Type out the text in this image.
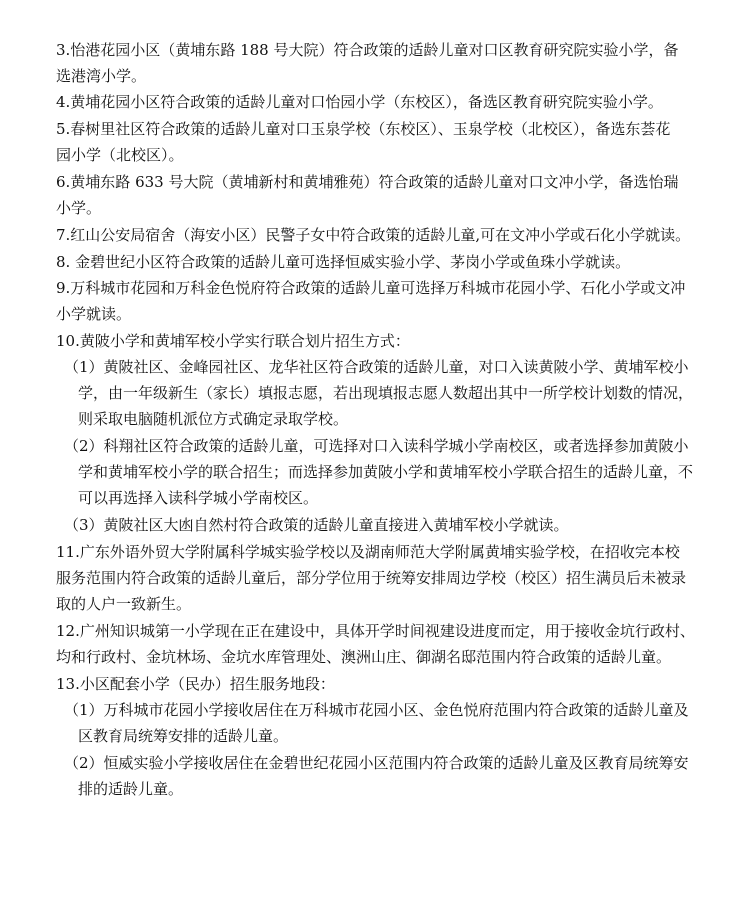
3.怡港花园小区（黄埔东路 188 号大院）符合政策的适龄儿童对口区教育研究院实验小学，备
选港湾小学。
4.黄埔花园小区符合政策的适龄儿童对口怡园小学（东校区），备选区教育研究院实验小学。
5.春树里社区符合政策的适龄儿童对口玉泉学校（东校区）、玉泉学校（北校区），备选东荟花
园小学（北校区）。
6.黄埔东路 633 号大院（黄埔新村和黄埔雅苑）符合政策的适龄儿童对口文冲小学，备选怡瑞
小学。
7.红山公安局宿舍（海安小区）民警子女中符合政策的适龄儿童,可在文冲小学或石化小学就读。
8. 金碧世纪小区符合政策的适龄儿童可选择恒威实验小学、茅岗小学或鱼珠小学就读。
9.万科城市花园和万科金色悦府符合政策的适龄儿童可选择万科城市花园小学、石化小学或文冲
小学就读。
10.黄陂小学和黄埔军校小学实行联合划片招生方式：
（1）黄陂社区、金峰园社区、龙华社区符合政策的适龄儿童，对口入读黄陂小学、黄埔军校小
学，由一年级新生（家长）填报志愿，若出现填报志愿人数超出其中一所学校计划数的情况，
则采取电脑随机派位方式确定录取学校。
（2）科翔社区符合政策的适龄儿童，可选择对口入读科学城小学南校区，或者选择参加黄陂小
学和黄埔军校小学的联合招生；而选择参加黄陂小学和黄埔军校小学联合招生的适龄儿童，不
可以再选择入读科学城小学南校区。
（3）黄陂社区大凼自然村符合政策的适龄儿童直接进入黄埔军校小学就读。
11.广东外语外贸大学附属科学城实验学校以及湖南师范大学附属黄埔实验学校，在招收完本校
服务范围内符合政策的适龄儿童后，部分学位用于统筹安排周边学校（校区）招生满员后未被录
取的人户一致新生。
12.广州知识城第一小学现在正在建设中，具体开学时间视建设进度而定，用于接收金坑行政村、
均和行政村、金坑林场、金坑水库管理处、澳洲山庄、御湖名邸范围内符合政策的适龄儿童。
13.小区配套小学（民办）招生服务地段：
（1）万科城市花园小学接收居住在万科城市花园小区、金色悦府范围内符合政策的适龄儿童及
区教育局统筹安排的适龄儿童。
（2）恒威实验小学接收居住在金碧世纪花园小区范围内符合政策的适龄儿童及区教育局统筹安
排的适龄儿童。
